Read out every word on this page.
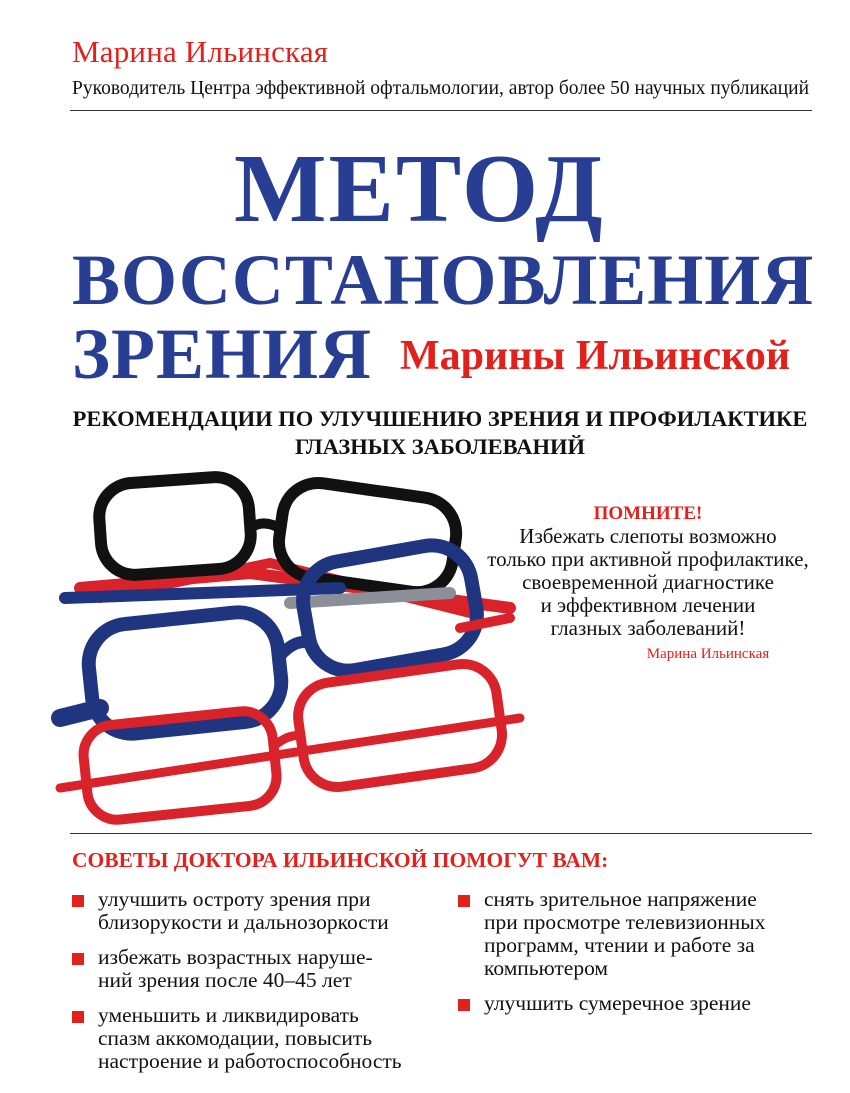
Марина Ильинская
Руководитель Центра эффективной офтальмологии, автор более 50 научных публикаций
МЕТОД
ВОССТАНОВЛЕНИЯ
ЗРЕНИЯ Марины Ильинской
РЕКОМЕНДАЦИИ ПО УЛУЧШЕНИЮ ЗРЕНИЯ И ПРОФИЛАКТИКЕ
ГЛАЗНЫХ ЗАБОЛЕВАНИЙ
ПОМНИТЕ!
Избежать слепоты возможно
только при активной профилактике,
своевременной диагностике
и эффективном лечении
глазных заболеваний!
Марина Ильинская
СОВЕТЫ ДОКТОРА ИЛЬИНСКОЙ ПОМОГУТ ВАМ:
улучшить остроту зрения при
близорукости и дальнозоркости
избежать возрастных наруше-
ний зрения после 40–45 лет
уменьшить и ликвидировать
спазм аккомодации, повысить
настроение и работоспособность
снять зрительное напряжение
при просмотре телевизионных
программ, чтении и работе за
компьютером
улучшить сумеречное зрение
